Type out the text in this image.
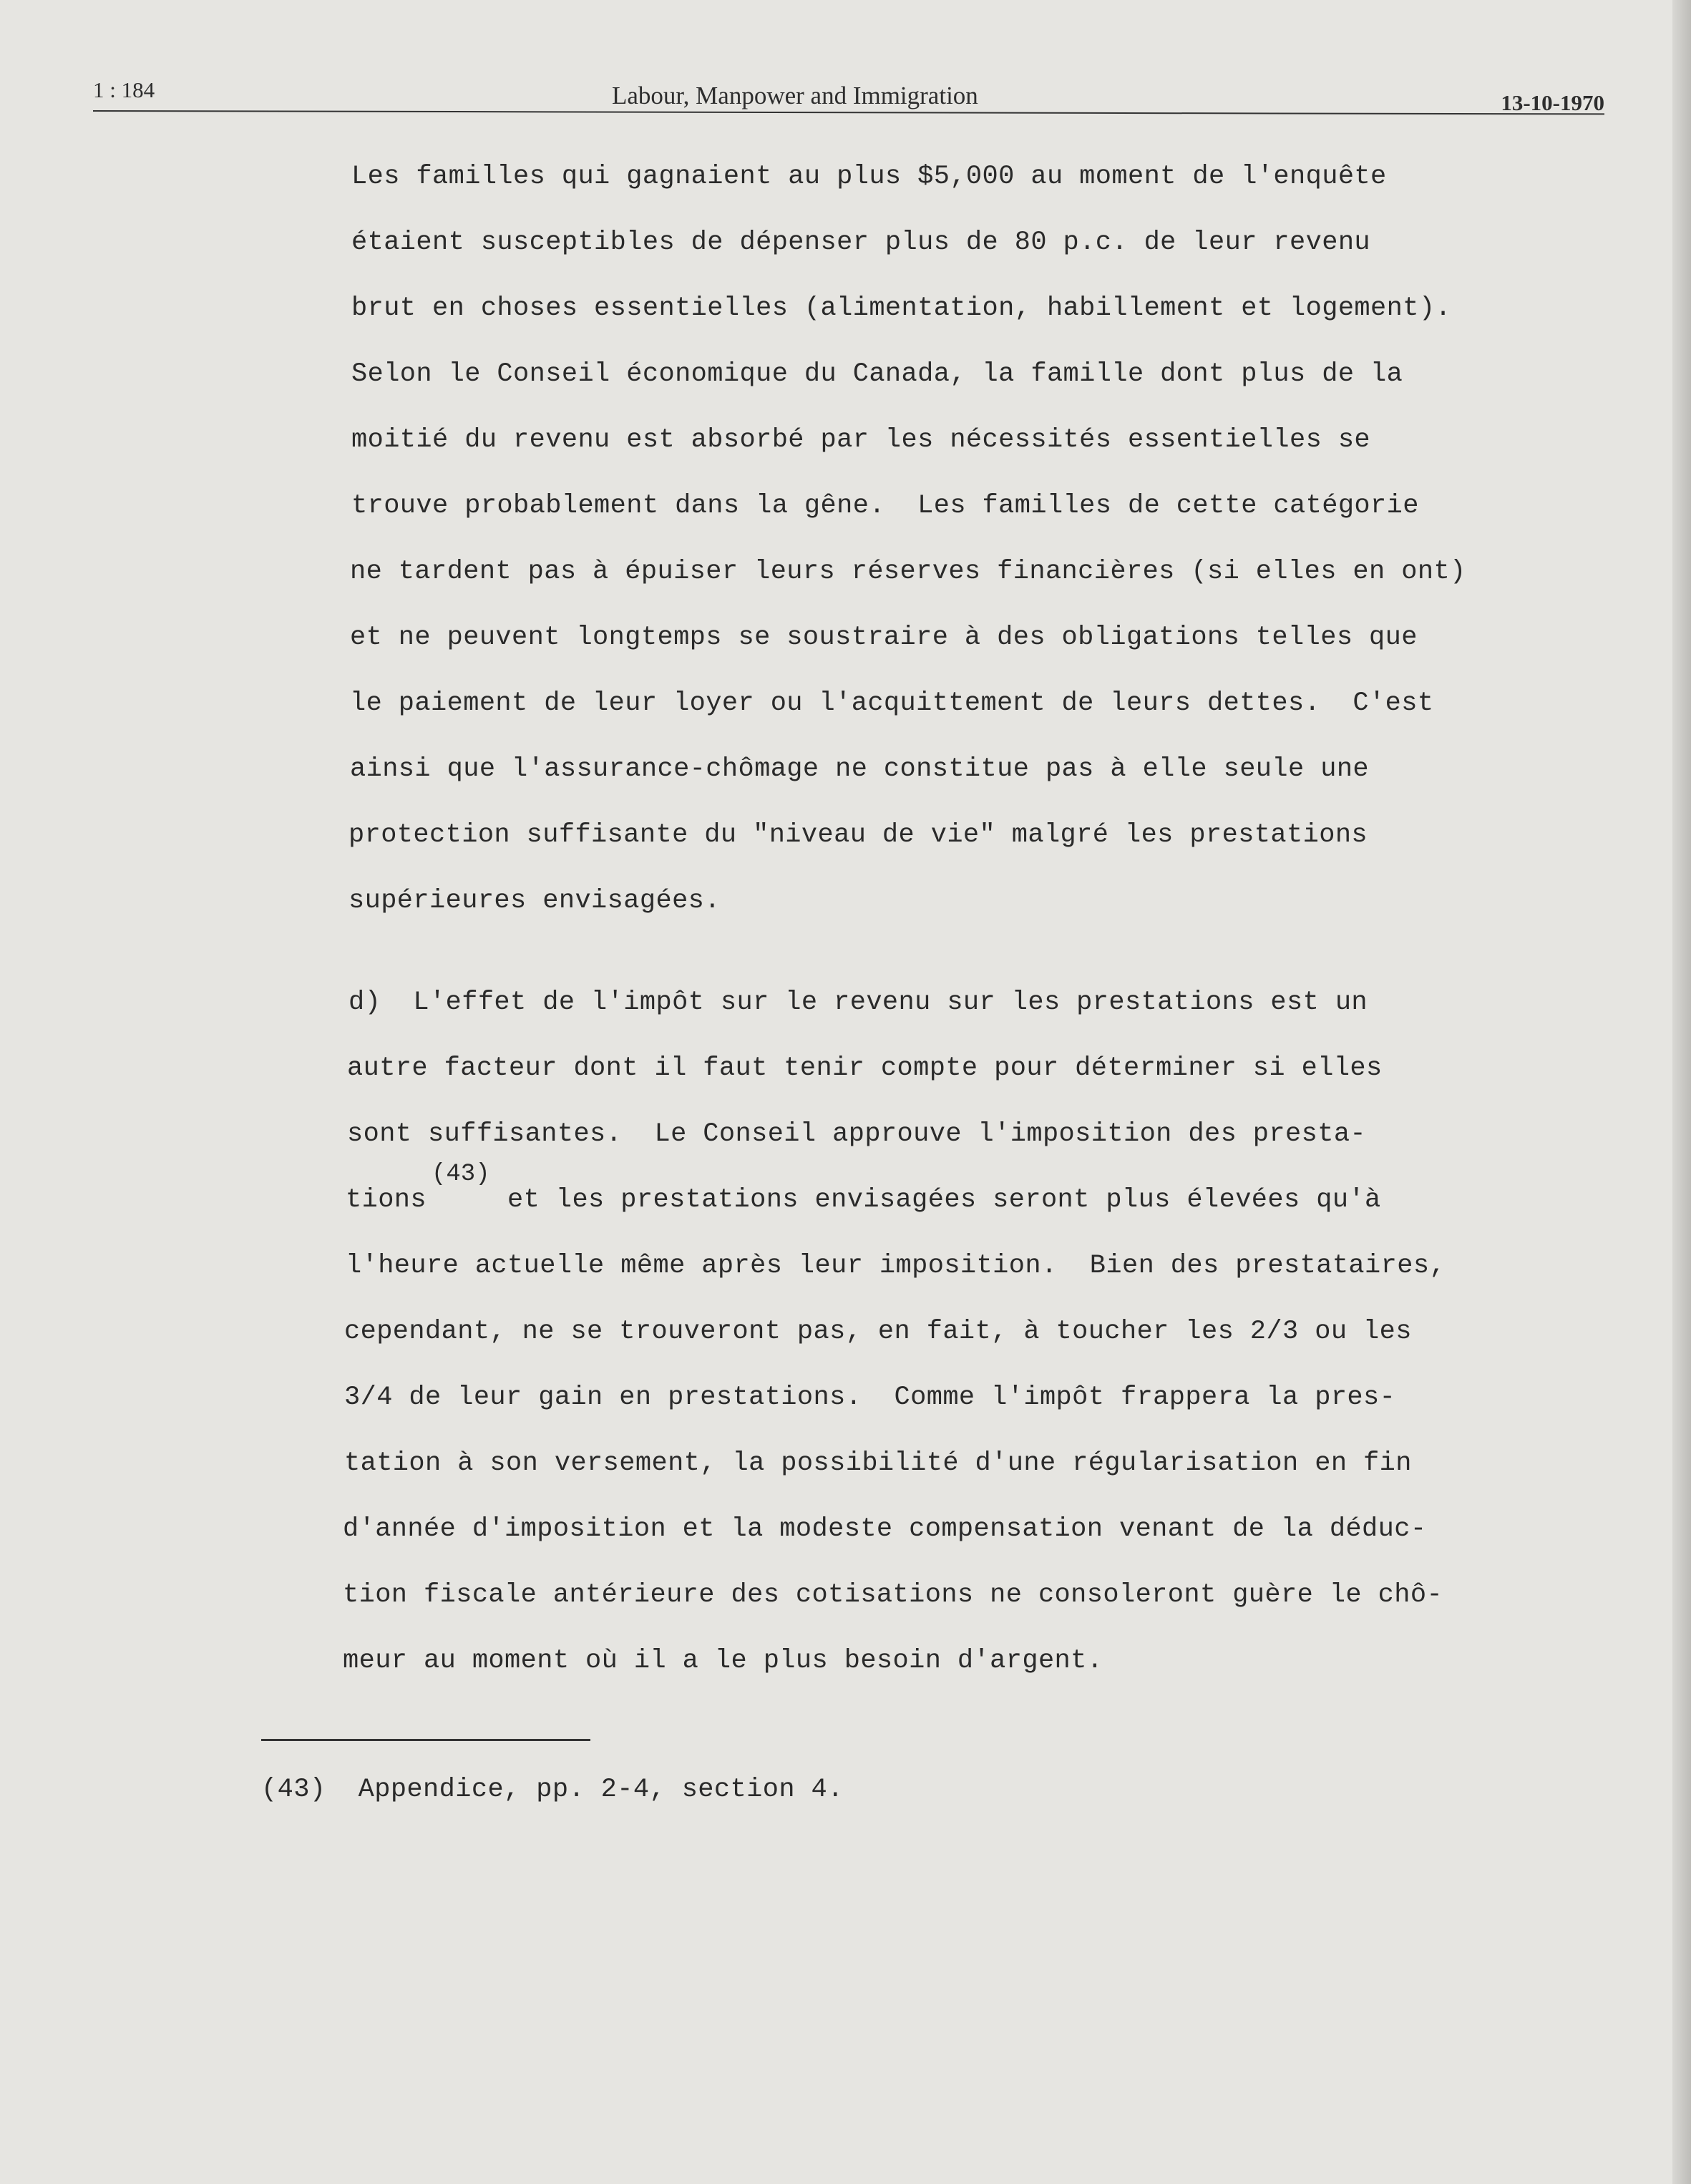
1 : 184	Labour, Manpower and Immigration	13-10-1970
Les familles qui gagnaient au plus $5,000 au moment de l'enquête
étaient susceptibles de dépenser plus de 80 p.c. de leur revenu
brut en choses essentielles (alimentation, habillement et logement).
Selon le Conseil économique du Canada, la famille dont plus de la
moitié du revenu est absorbé par les nécessités essentielles se
trouve probablement dans la gêne.  Les familles de cette catégorie
ne tardent pas à épuiser leurs réserves financières (si elles en ont)
et ne peuvent longtemps se soustraire à des obligations telles que
le paiement de leur loyer ou l'acquittement de leurs dettes.  C'est
ainsi que l'assurance-chômage ne constitue pas à elle seule une
protection suffisante du "niveau de vie" malgré les prestations
supérieures envisagées.
d)  L'effet de l'impôt sur le revenu sur les prestations est un
autre facteur dont il faut tenir compte pour déterminer si elles
sont suffisantes.  Le Conseil approuve l'imposition des presta-
(43)
tions     et les prestations envisagées seront plus élevées qu'à
l'heure actuelle même après leur imposition.  Bien des prestataires,
cependant, ne se trouveront pas, en fait, à toucher les 2/3 ou les
3/4 de leur gain en prestations.  Comme l'impôt frappera la pres-
tation à son versement, la possibilité d'une régularisation en fin
d'année d'imposition et la modeste compensation venant de la déduc-
tion fiscale antérieure des cotisations ne consoleront guère le chô-
meur au moment où il a le plus besoin d'argent.
(43)  Appendice, pp. 2-4, section 4.
